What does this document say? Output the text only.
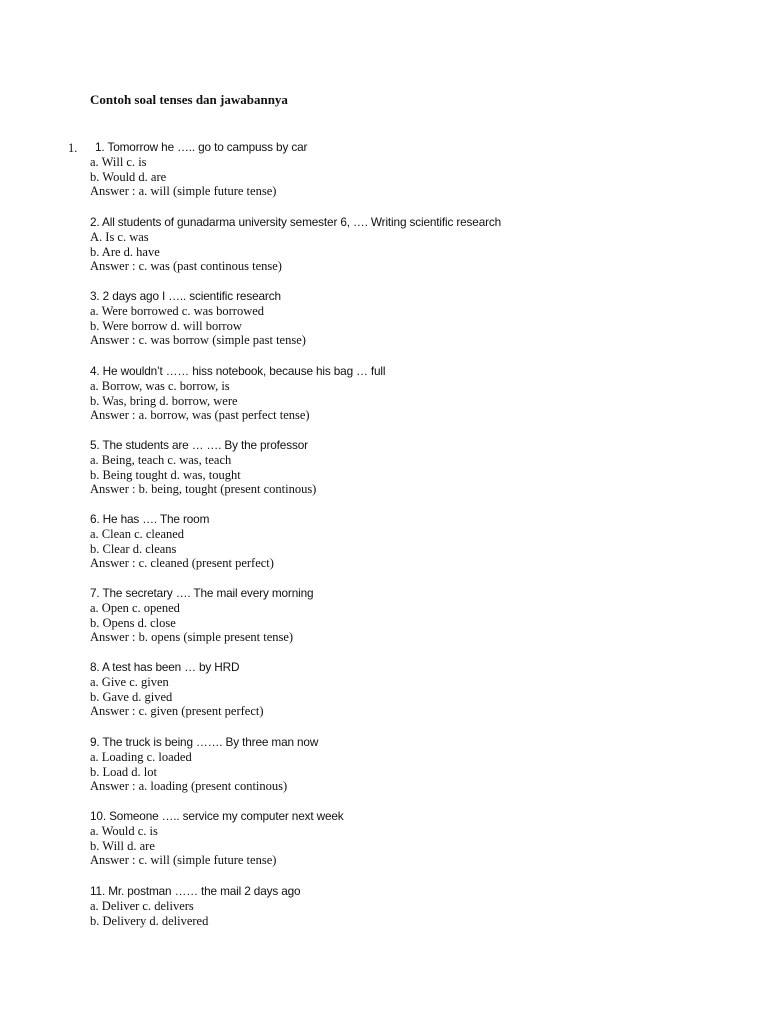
Contoh soal tenses dan jawabannya
1.	1. Tomorrow he ….. go to campuss by car
a. Will c. is
b. Would d. are
Answer : a. will (simple future tense)
2. All students of gunadarma university semester 6, …. Writing scientific research
A. Is c. was
b. Are d. have
Answer : c. was (past continous tense)
3. 2 days ago I ….. scientific research
a. Were borrowed c. was borrowed
b. Were borrow d. will borrow
Answer : c. was borrow (simple past tense)
4. He wouldn’t …… hiss notebook, because his bag … full
a. Borrow, was c. borrow, is
b. Was, bring d. borrow, were
Answer : a. borrow, was (past perfect tense)
5. The students are … …. By the professor
a. Being, teach c. was, teach
b. Being tought d. was, tought
Answer : b. being, tought (present continous)
6. He has …. The room
a. Clean c. cleaned
b. Clear d. cleans
Answer : c. cleaned (present perfect)
7. The secretary …. The mail every morning
a. Open c. opened
b. Opens d. close
Answer : b. opens (simple present tense)
8. A test has been … by HRD
a. Give c. given
b. Gave d. gived
Answer : c. given (present perfect)
9. The truck is being ……. By three man now
a. Loading c. loaded
b. Load d. lot
Answer : a. loading (present continous)
10. Someone ….. service my computer next week
a. Would c. is
b. Will d. are
Answer : c. will (simple future tense)
11. Mr. postman …… the mail 2 days ago
a. Deliver c. delivers
b. Delivery d. delivered
